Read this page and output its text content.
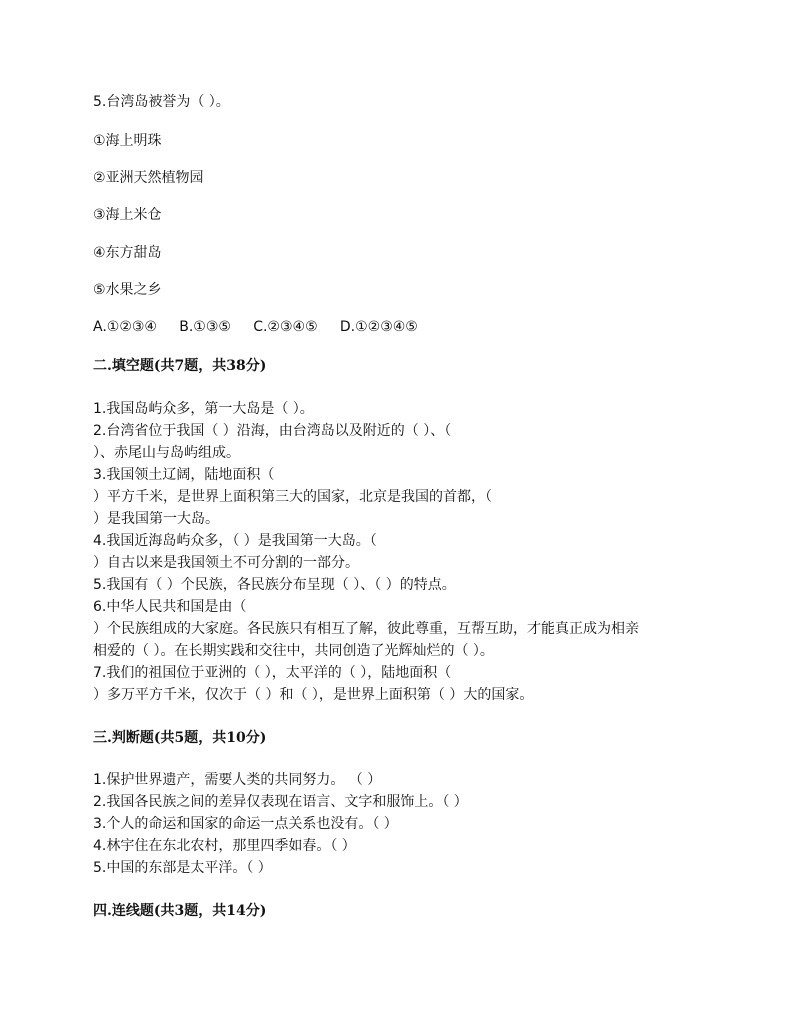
5.台湾岛被誉为（ ）。
①海上明珠
②亚洲天然植物园
③海上米仓
④东方甜岛
⑤水果之乡
A.①②③④     B.①③⑤     C.②③④⑤     D.①②③④⑤
二.填空题(共7题，共38分)
1.我国岛屿众多，第一大岛是（ ）。
2.台湾省位于我国（ ）沿海，由台湾岛以及附近的（ ）、（
）、赤尾山与岛屿组成。
3.我国领土辽阔，陆地面积（
）平方千米，是世界上面积第三大的国家，北京是我国的首都，（
）是我国第一大岛。
4.我国近海岛屿众多，（ ）是我国第一大岛。（
）自古以来是我国领土不可分割的一部分。
5.我国有（ ）个民族，各民族分布呈现（ ）、（ ）的特点。
6.中华人民共和国是由（
）个民族组成的大家庭。各民族只有相互了解，彼此尊重，互帮互助，才能真正成为相亲
相爱的（ ）。在长期实践和交往中，共同创造了光辉灿烂的（ ）。
7.我们的祖国位于亚洲的（ ），太平洋的（ ），陆地面积（
）多万平方千米，仅次于（ ）和（ ），是世界上面积第（ ）大的国家。
三.判断题(共5题，共10分)
1.保护世界遗产，需要人类的共同努力。 （ ）
2.我国各民族之间的差异仅表现在语言、文字和服饰上。（ ）
3.个人的命运和国家的命运一点关系也没有。（ ）
4.林宇住在东北农村，那里四季如春。（ ）
5.中国的东部是太平洋。（ ）
四.连线题(共3题，共14分)
